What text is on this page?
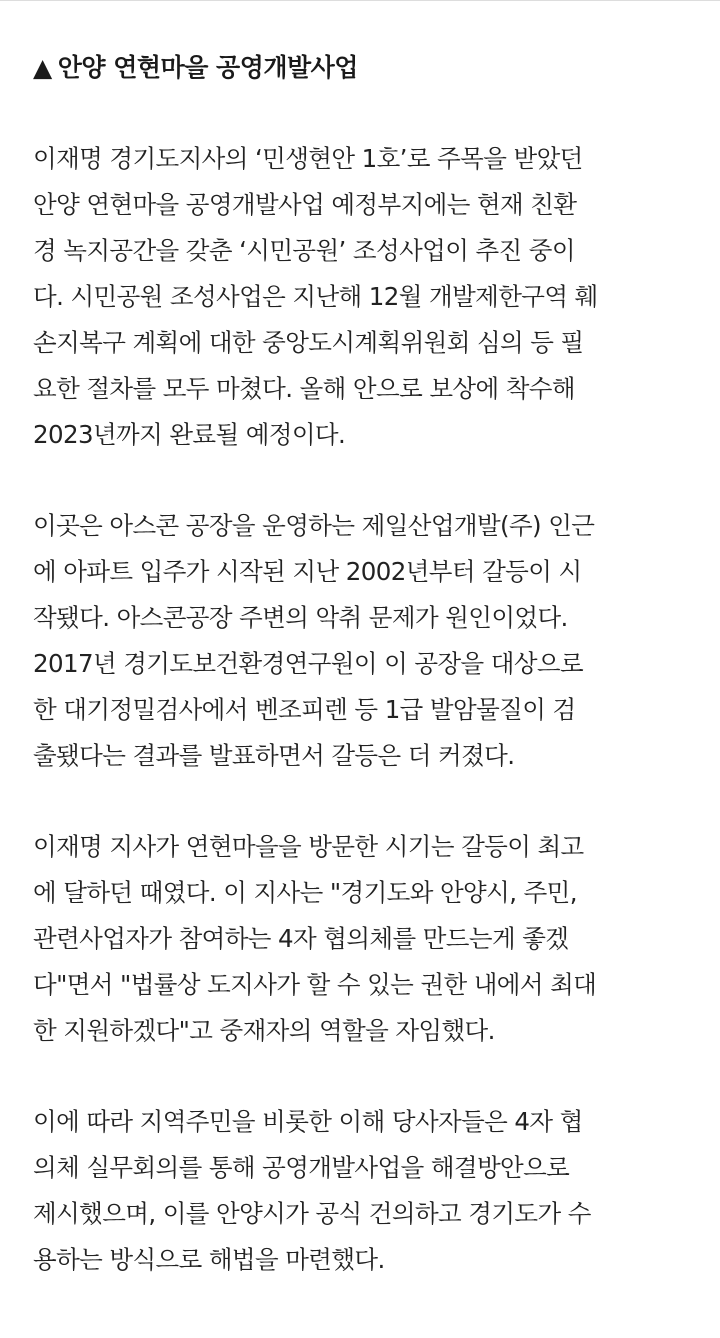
▲ 안양 연현마을 공영개발사업

이재명 경기도지사의 ‘민생현안 1호’로 주목을 받았던
안양 연현마을 공영개발사업 예정부지에는 현재 친환
경 녹지공간을 갖춘 ‘시민공원’ 조성사업이 추진 중이
다. 시민공원 조성사업은 지난해 12월 개발제한구역 훼
손지복구 계획에 대한 중앙도시계획위원회 심의 등 필
요한 절차를 모두 마쳤다. 올해 안으로 보상에 착수해
2023년까지 완료될 예정이다.

이곳은 아스콘 공장을 운영하는 제일산업개발(주) 인근
에 아파트 입주가 시작된 지난 2002년부터 갈등이 시
작됐다. 아스콘공장 주변의 악취 문제가 원인이었다.
2017년 경기도보건환경연구원이 이 공장을 대상으로
한 대기정밀검사에서 벤조피렌 등 1급 발암물질이 검
출됐다는 결과를 발표하면서 갈등은 더 커졌다.

이재명 지사가 연현마을을 방문한 시기는 갈등이 최고
에 달하던 때였다. 이 지사는 "경기도와 안양시, 주민,
관련사업자가 참여하는 4자 협의체를 만드는게 좋겠
다"면서 "법률상 도지사가 할 수 있는 권한 내에서 최대
한 지원하겠다"고 중재자의 역할을 자임했다.

이에 따라 지역주민을 비롯한 이해 당사자들은 4자 협
의체 실무회의를 통해 공영개발사업을 해결방안으로
제시했으며, 이를 안양시가 공식 건의하고 경기도가 수
용하는 방식으로 해법을 마련했다.
